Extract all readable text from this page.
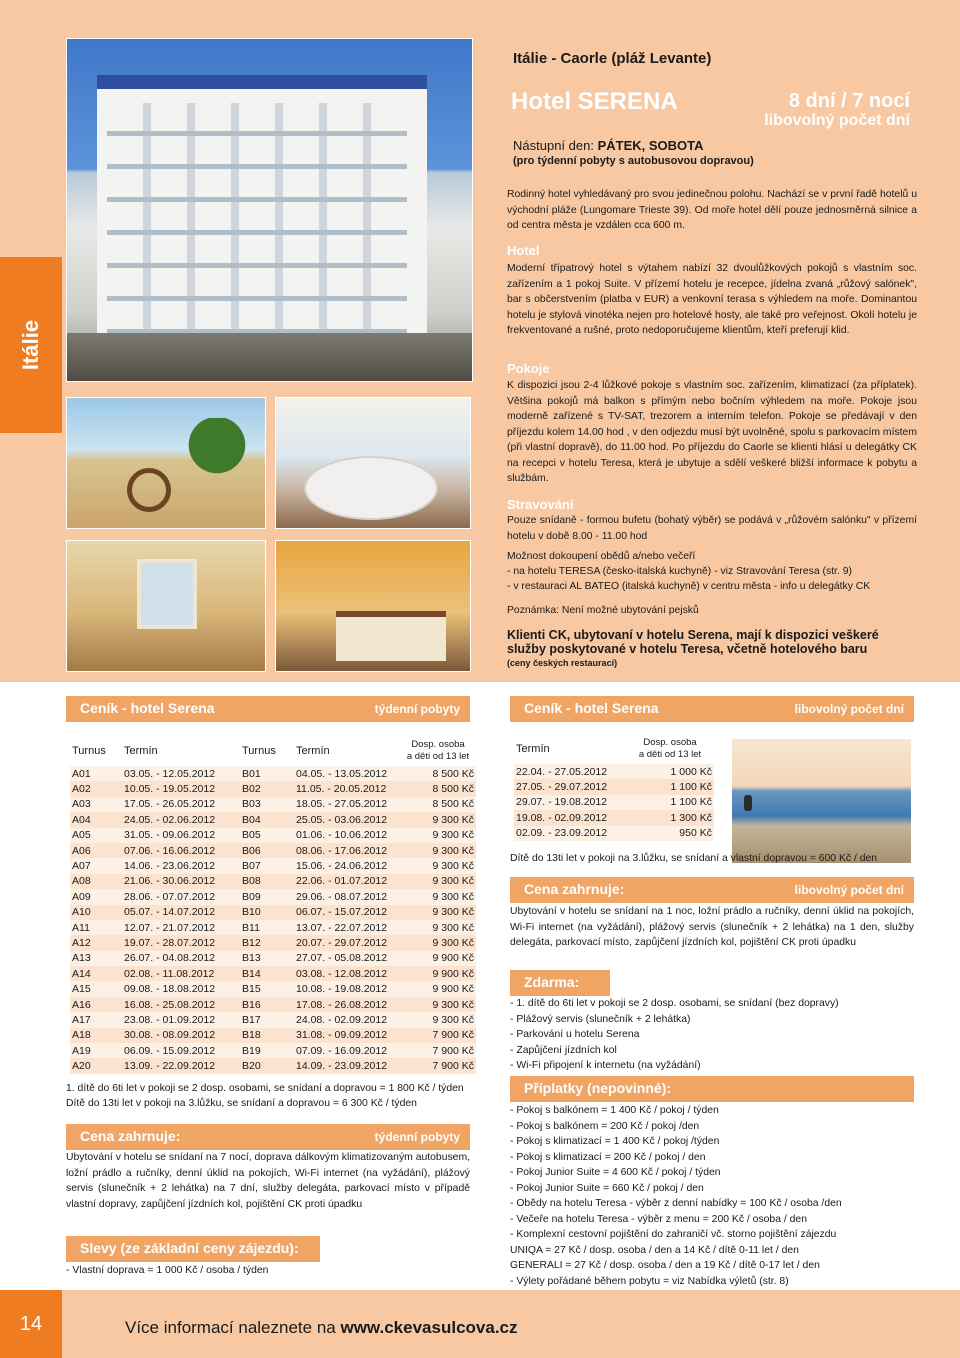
Itálie
Itálie - Caorle (pláž Levante)
Hotel SERENA	8 dní / 7 nocí
libovolný počet dní
Nástupní den: PÁTEK, SOBOTA
(pro týdenní pobyty s autobusovou dopravou)
Rodinný hotel vyhledávaný pro svou jedinečnou polohu. Nachází se v první řadě hotelů u východní pláže (Lungomare Trieste 39). Od moře hotel dělí pouze jednosměrná silnice a od centra města je vzdálen cca 600 m.
Hotel
Moderní třípatrový hotel s výtahem nabízí 32 dvoulůžkových pokojů s vlastním soc. zařízením a 1 pokoj Suite. V přízemí hotelu je recepce, jídelna zvaná „růžový salónek", bar s občerstvením (platba v EUR) a venkovní terasa s výhledem na moře. Dominantou hotelu je stylová vinotéka nejen pro hotelové hosty, ale také pro veřejnost. Okolí hotelu je frekventované a rušné, proto nedoporučujeme klientům, kteří preferují klid.
Pokoje
K dispozici jsou 2-4 lůžkové pokoje s vlastním soc. zařízením, klimatizací (za příplatek). Většina pokojů má balkon s přímým nebo bočním výhledem na moře. Pokoje jsou moderně zařízené s TV-SAT, trezorem a interním telefon. Pokoje se předávají v den příjezdu kolem 14.00 hod , v den odjezdu musí být uvolněné, spolu s parkovacím místem (při vlastní dopravě), do 11.00 hod. Po příjezdu do Caorle se klienti hlásí u delegátky CK na recepci v hotelu Teresa, která je ubytuje a sdělí veškeré bližší informace k pobytu a službám.
Stravování
Pouze snídaně - formou bufetu (bohatý výběr) se podává v „růžovém salónku" v přízemí hotelu v době 8.00 - 11.00 hod
Možnost dokoupení obědů a/nebo večeří
- na hotelu TERESA (česko-italská kuchyně) - viz Stravování Teresa (str. 9)
- v restauraci AL BATEO (italská kuchyně) v centru města - info u delegátky CK
Poznámka: Není možné ubytování pejsků
Klienti CK, ubytovaní v hotelu Serena, mají k dispozici veškeré služby poskytované v hotelu Teresa, včetně hotelového baru
(ceny českých restaurací)
Ceník - hotel Serena	týdenní pobyty
Turnus	Termín	Turnus	Termín	Dosp. osoba
a děti od 13 let

A01	03.05. - 12.05.2012	B01	04.05. - 13.05.2012	8 500 Kč
A02	10.05. - 19.05.2012	B02	11.05. - 20.05.2012	8 500 Kč
A03	17.05. - 26.05.2012	B03	18.05. - 27.05.2012	8 500 Kč
A04	24.05. - 02.06.2012	B04	25.05. - 03.06.2012	9 300 Kč
A05	31.05. - 09.06.2012	B05	01.06. - 10.06.2012	9 300 Kč
A06	07.06. - 16.06.2012	B06	08.06. - 17.06.2012	9 300 Kč
A07	14.06. - 23.06.2012	B07	15.06. - 24.06.2012	9 300 Kč
A08	21.06. - 30.06.2012	B08	22.06. - 01.07.2012	9 300 Kč
A09	28.06. - 07.07.2012	B09	29.06. - 08.07.2012	9 300 Kč
A10	05.07. - 14.07.2012	B10	06.07. - 15.07.2012	9 300 Kč
A11	12.07. - 21.07.2012	B11	13.07. - 22.07.2012	9 300 Kč
A12	19.07. - 28.07.2012	B12	20.07. - 29.07.2012	9 300 Kč
A13	26.07. - 04.08.2012	B13	27.07. - 05.08.2012	9 900 Kč
A14	02.08. - 11.08.2012	B14	03.08. - 12.08.2012	9 900 Kč
A15	09.08. - 18.08.2012	B15	10.08. - 19.08.2012	9 900 Kč
A16	16.08. - 25.08.2012	B16	17.08. - 26.08.2012	9 300 Kč
A17	23.08. - 01.09.2012	B17	24.08. - 02.09.2012	9 300 Kč
A18	30.08. - 08.09.2012	B18	31.08. - 09.09.2012	7 900 Kč
A19	06.09. - 15.09.2012	B19	07.09. - 16.09.2012	7 900 Kč
A20	13.09. - 22.09.2012	B20	14.09. - 23.09.2012	7 900 Kč
1. dítě do 6ti let v pokoji se 2 dosp. osobami, se snídaní a dopravou = 1 800 Kč / týden
Dítě do 13ti let v pokoji na 3.lůžku, se snídaní a dopravou = 6 300 Kč / týden
Cena zahrnuje:	týdenní pobyty
Ubytování v hotelu se snídaní na 7 nocí, doprava dálkovým klimatizovaným autobusem, ložní prádlo a ručníky, denní úklid na pokojích, Wi-Fi internet (na vyžádání), plážový servis (slunečník + 2 lehátka) na 7 dní, služby delegáta, parkovací místo v případě vlastní dopravy, zapůjčení jízdních kol, pojištění CK proti úpadku
Slevy (ze základní ceny zájezdu):
- Vlastní doprava = 1 000 Kč / osoba / týden
Ceník - hotel Serena	libovolný počet dní
Termín	Dosp. osoba
a děti od 13 let

22.04. - 27.05.2012	1 000 Kč
27.05. - 29.07.2012	1 100 Kč
29.07. - 19.08.2012	1 100 Kč
19.08. - 02.09.2012	1 300 Kč
02.09. - 23.09.2012	950 Kč
Dítě do 13ti let v pokoji na 3.lůžku, se snídaní a vlastní dopravou = 600 Kč / den
Cena zahrnuje:	libovolný počet dní
Ubytování v hotelu se snídaní na 1 noc, ložní prádlo a ručníky, denní úklid na pokojích, Wi-Fi internet (na vyžádání), plážový servis (slunečník + 2 lehátka) na 1 den, služby delegáta, parkovací místo, zapůjčení jízdních kol, pojištění CK proti úpadku
Zdarma:
- 1. dítě do 6ti let v pokoji se 2 dosp. osobami, se snídaní (bez dopravy)
- Plážový servis (slunečník + 2 lehátka)
- Parkování u hotelu Serena
- Zapůjčení jízdních kol
- Wi-Fi připojení k internetu (na vyžádání)
Příplatky (nepovinné):
- Pokoj s balkónem = 1 400 Kč / pokoj / týden
- Pokoj s balkónem = 200 Kč / pokoj /den
- Pokoj s klimatizací = 1 400 Kč / pokoj /týden
- Pokoj s klimatizací = 200 Kč / pokoj / den
- Pokoj Junior Suite = 4 600 Kč / pokoj / týden
- Pokoj Junior Suite = 660 Kč / pokoj / den
- Obědy na hotelu Teresa - výběr z denní nabídky = 100 Kč / osoba /den
- Večeře na hotelu Teresa - výběr z menu = 200 Kč / osoba / den
- Komplexní cestovní pojištění do zahraničí vč. storno pojištění zájezdu
UNIQA = 27 Kč / dosp. osoba / den a 14 Kč / dítě 0-11 let / den
GENERALI = 27 Kč / dosp. osoba / den a 19 Kč / dítě 0-17 let / den
- Výlety pořádané během pobytu = viz Nabídka výletů (str. 8)
14	Více informací naleznete na www.ckevasulcova.cz
